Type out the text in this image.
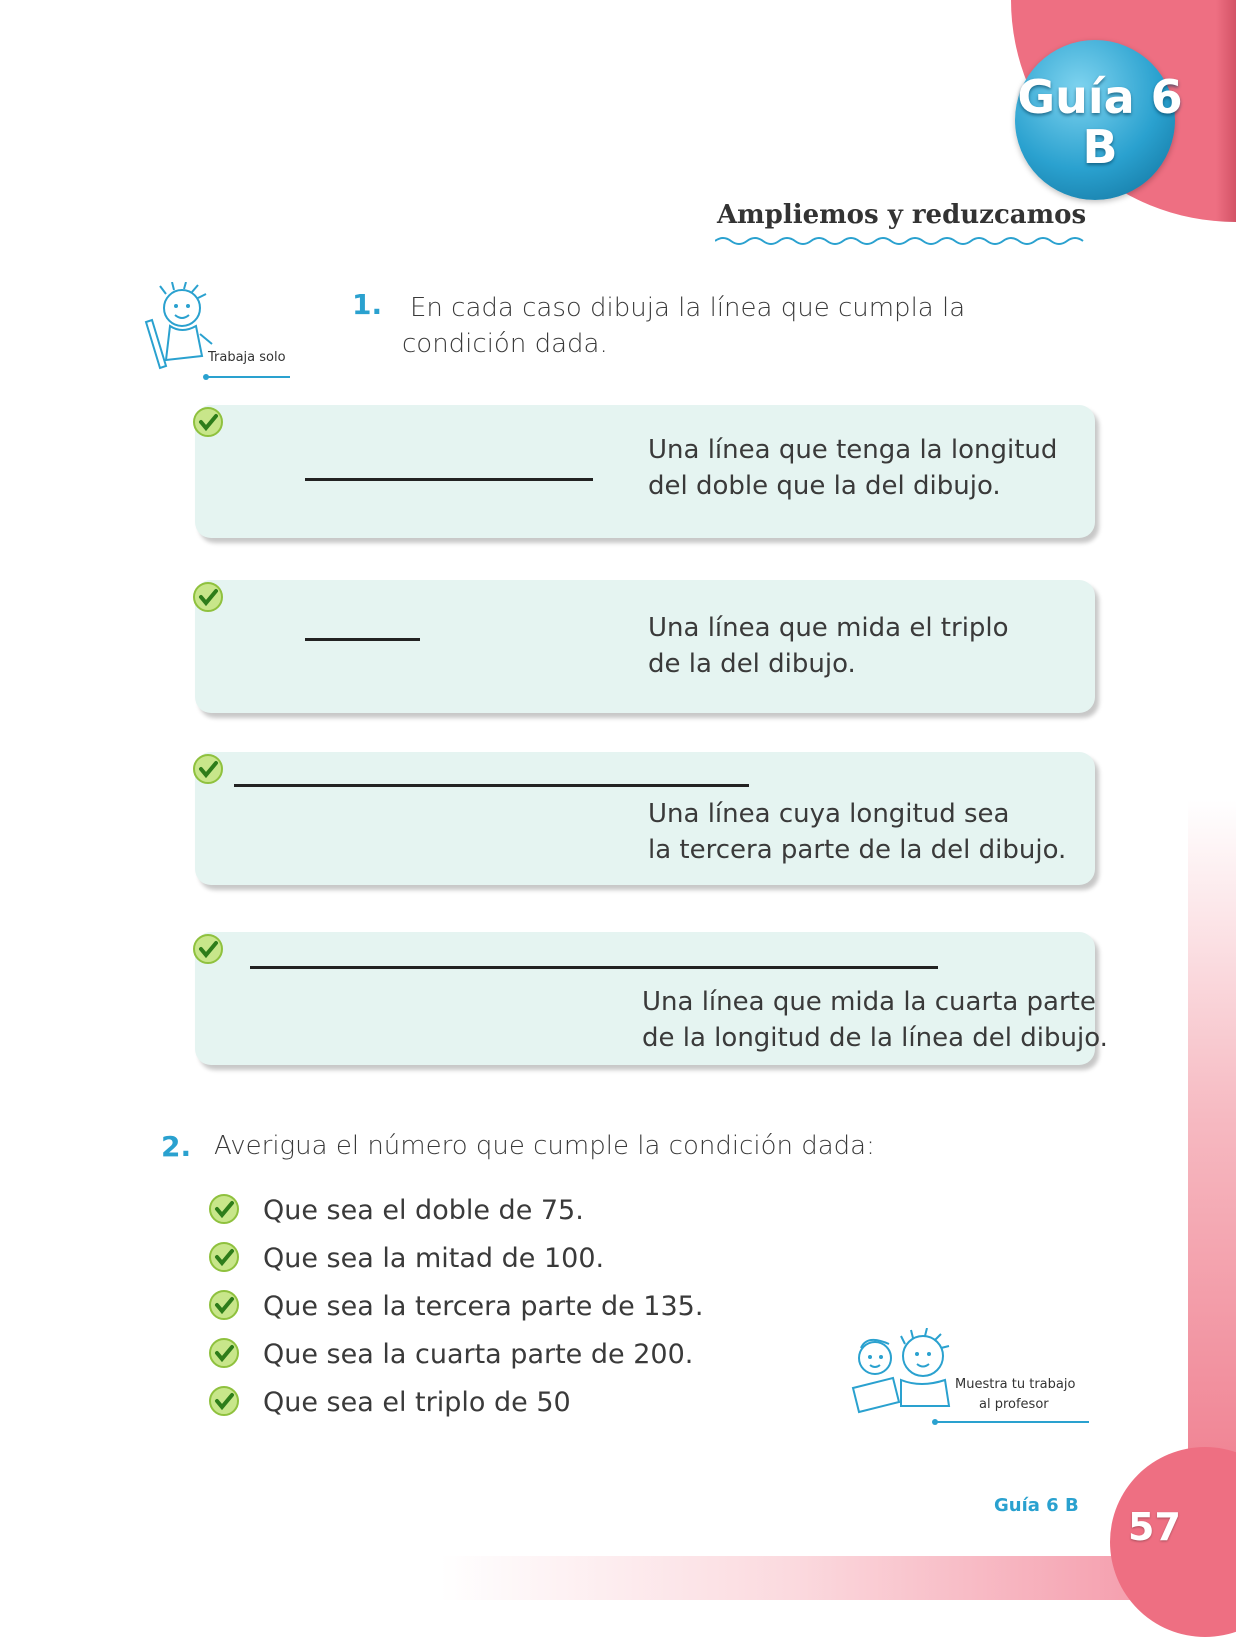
Guía 6
B
Ampliemos y reduzcamos
Trabaja solo
1. En cada caso dibuja la línea que cumpla la
condición dada.
Una línea que tenga la longitud
del doble que la del dibujo.
Una línea que mida el triplo
de la del dibujo.
Una línea cuya longitud sea
la tercera parte de la del dibujo.
Una línea que mida la cuarta parte
de la longitud de la línea del dibujo.
2. Averigua el número que cumple la condición dada:
Que sea el doble de 75.
Que sea la mitad de 100.
Que sea la tercera parte de 135.
Que sea la cuarta parte de 200.
Que sea el triplo de 50
Muestra tu trabajo
al profesor
Guía 6 B 57
